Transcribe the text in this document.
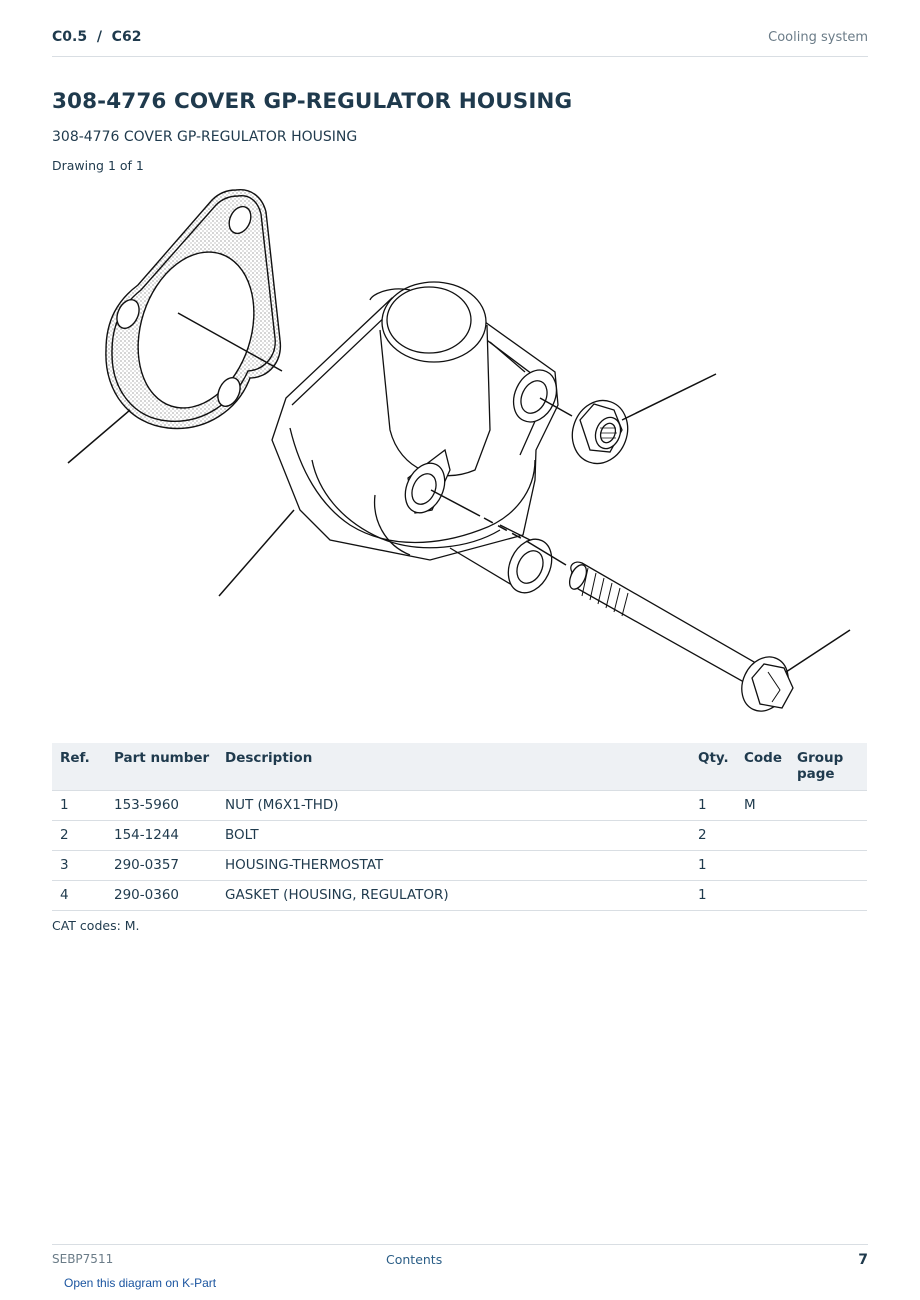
C0.5  /  C62	Cooling system
308-4776 COVER GP-REGULATOR HOUSING
308-4776 COVER GP-REGULATOR HOUSING
Drawing 1 of 1
Ref.	Part number	Description	Qty.	Code	Group page
1	153-5960	NUT (M6X1-THD)	1	M	
2	154-1244	BOLT	2		
3	290-0357	HOUSING-THERMOSTAT	1		
4	290-0360	GASKET (HOUSING, REGULATOR)	1		
CAT codes: M.
SEBP7511	Contents	7
Open this diagram on K-Part
